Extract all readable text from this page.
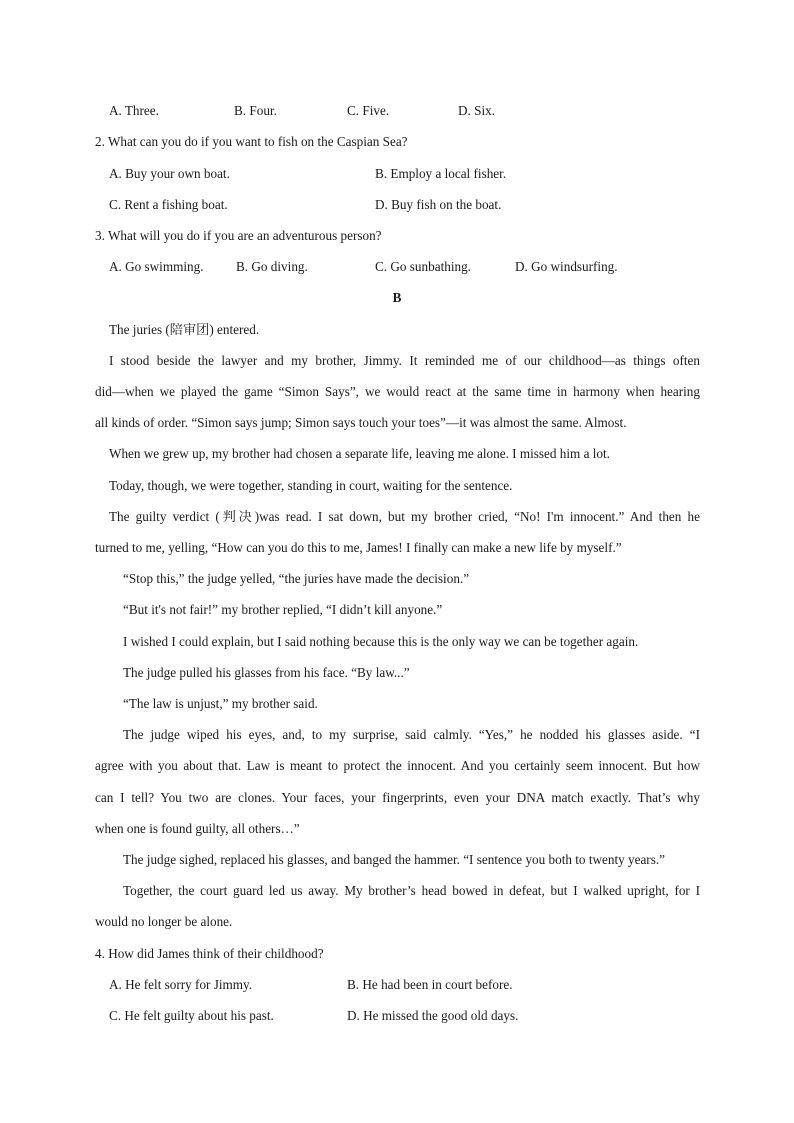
A. Three.	B. Four.	C. Five.	D. Six.
2. What can you do if you want to fish on the Caspian Sea?
A. Buy your own boat.	B. Employ a local fisher.
C. Rent a fishing boat.	D. Buy fish on the boat.
3. What will you do if you are an adventurous person?
A. Go swimming. B. Go diving.	C. Go sunbathing.	D. Go windsurfing.
B
The juries (陪审团) entered.
I stood beside the lawyer and my brother, Jimmy. It reminded me of our childhood—as things often
did—when we played the game “Simon Says”, we would react at the same time in harmony when hearing
all kinds of order. “Simon says jump; Simon says touch your toes”—it was almost the same. Almost.
When we grew up, my brother had chosen a separate life, leaving me alone. I missed him a lot.
Today, though, we were together, standing in court, waiting for the sentence.
The guilty verdict (判决)was read. I sat down, but my brother cried, “No! I'm innocent.” And then he
turned to me, yelling, “How can you do this to me, James! I finally can make a new life by myself.”
“Stop this,” the judge yelled, “the juries have made the decision.”
“But it's not fair!” my brother replied, “I didn’t kill anyone.”
I wished I could explain, but I said nothing because this is the only way we can be together again.
The judge pulled his glasses from his face. “By law...”
“The law is unjust,” my brother said.
The judge wiped his eyes, and, to my surprise, said calmly. “Yes,” he nodded his glasses aside. “I
agree with you about that. Law is meant to protect the innocent. And you certainly seem innocent. But how
can I tell? You two are clones. Your faces, your fingerprints, even your DNA match exactly. That’s why
when one is found guilty, all others…”
The judge sighed, replaced his glasses, and banged the hammer. “I sentence you both to twenty years.”
Together, the court guard led us away. My brother’s head bowed in defeat, but I walked upright, for I
would no longer be alone.
4. How did James think of their childhood?
A. He felt sorry for Jimmy.	B. He had been in court before.
C. He felt guilty about his past.	D. He missed the good old days.
